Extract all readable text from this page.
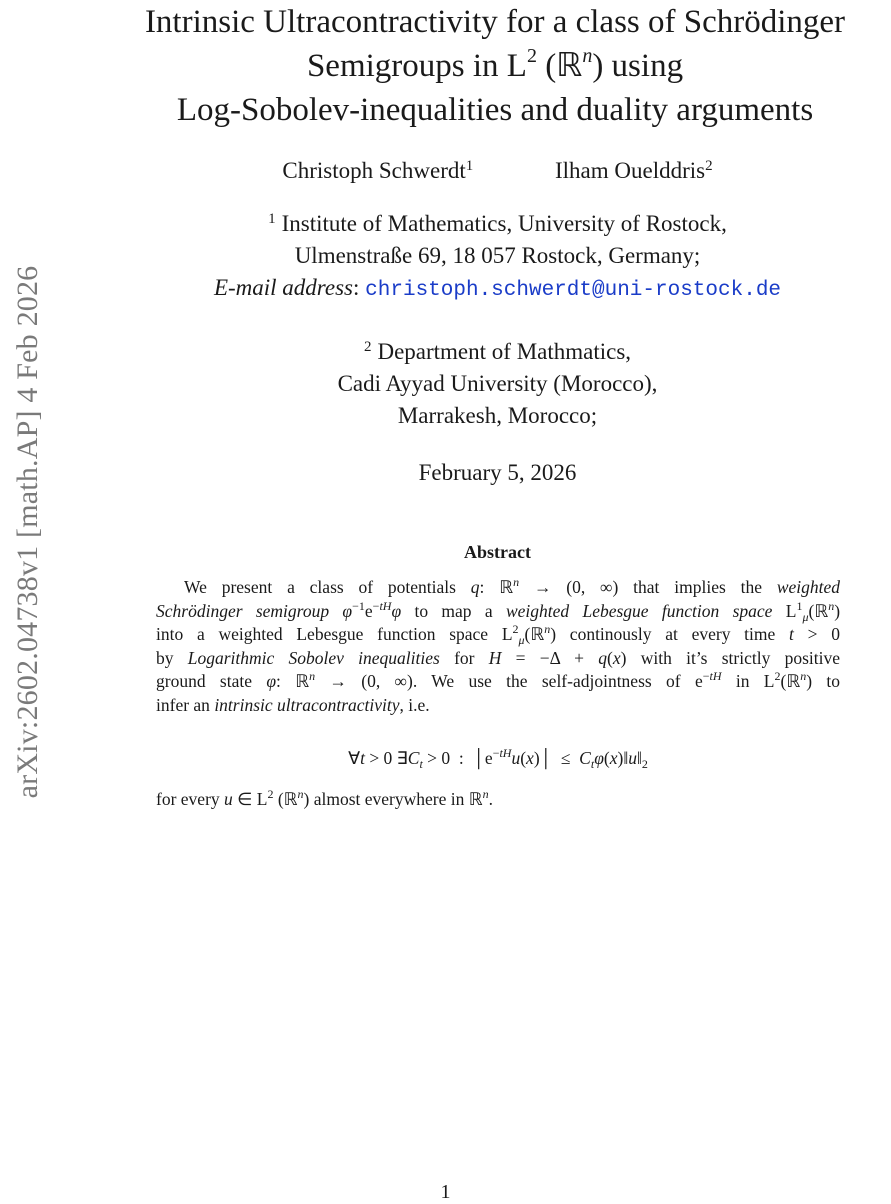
arXiv:2602.04738v1 [math.AP] 4 Feb 2026
Intrinsic Ultracontractivity for a class of Schrödinger
Semigroups in $L^2$ (ℝ$^n$) using
Log-Sobolev-inequalities and duality arguments
Christoph Schwerdt$^1$	Ilham Ouelddris$^2$
$^1$ Institute of Mathematics, University of Rostock,
Ulmenstraße 69, 18 057 Rostock, Germany;
E-mail address: christoph.schwerdt@uni-rostock.de
$^2$ Department of Mathmatics,
Cadi Ayyad University (Morocco),
Marrakesh, Morocco;
February 5, 2026
Abstract
We present a class of potentials q: ℝ$^n$ → (0, ∞) that implies the weighted
Schrödinger semigroup $\varphi^{-1}e^{-tH}\varphi$ to map a weighted Lebesgue function space $L^1_\mu(ℝ^n)$
into a weighted Lebesgue function space $L^2_\mu(ℝ^n)$ continously at every time t > 0
by Logarithmic Sobolev inequalities for H = −Δ + q(x) with it’s strictly positive
ground state φ: ℝ$^n$ → (0, ∞). We use the self-adjointness of $e^{-tH}$ in $L^2(ℝ^n)$ to
infer an intrinsic ultracontractivity, i.e.
∀t > 0 $\exists C_t > 0$  :  $│e^{-tH}u(x)│$  ≤  $C_t\varphi(x)‖u‖_2$
for every u ∈ $L^2$ (ℝ$^n$) almost everywhere in ℝ$^n$.
1
